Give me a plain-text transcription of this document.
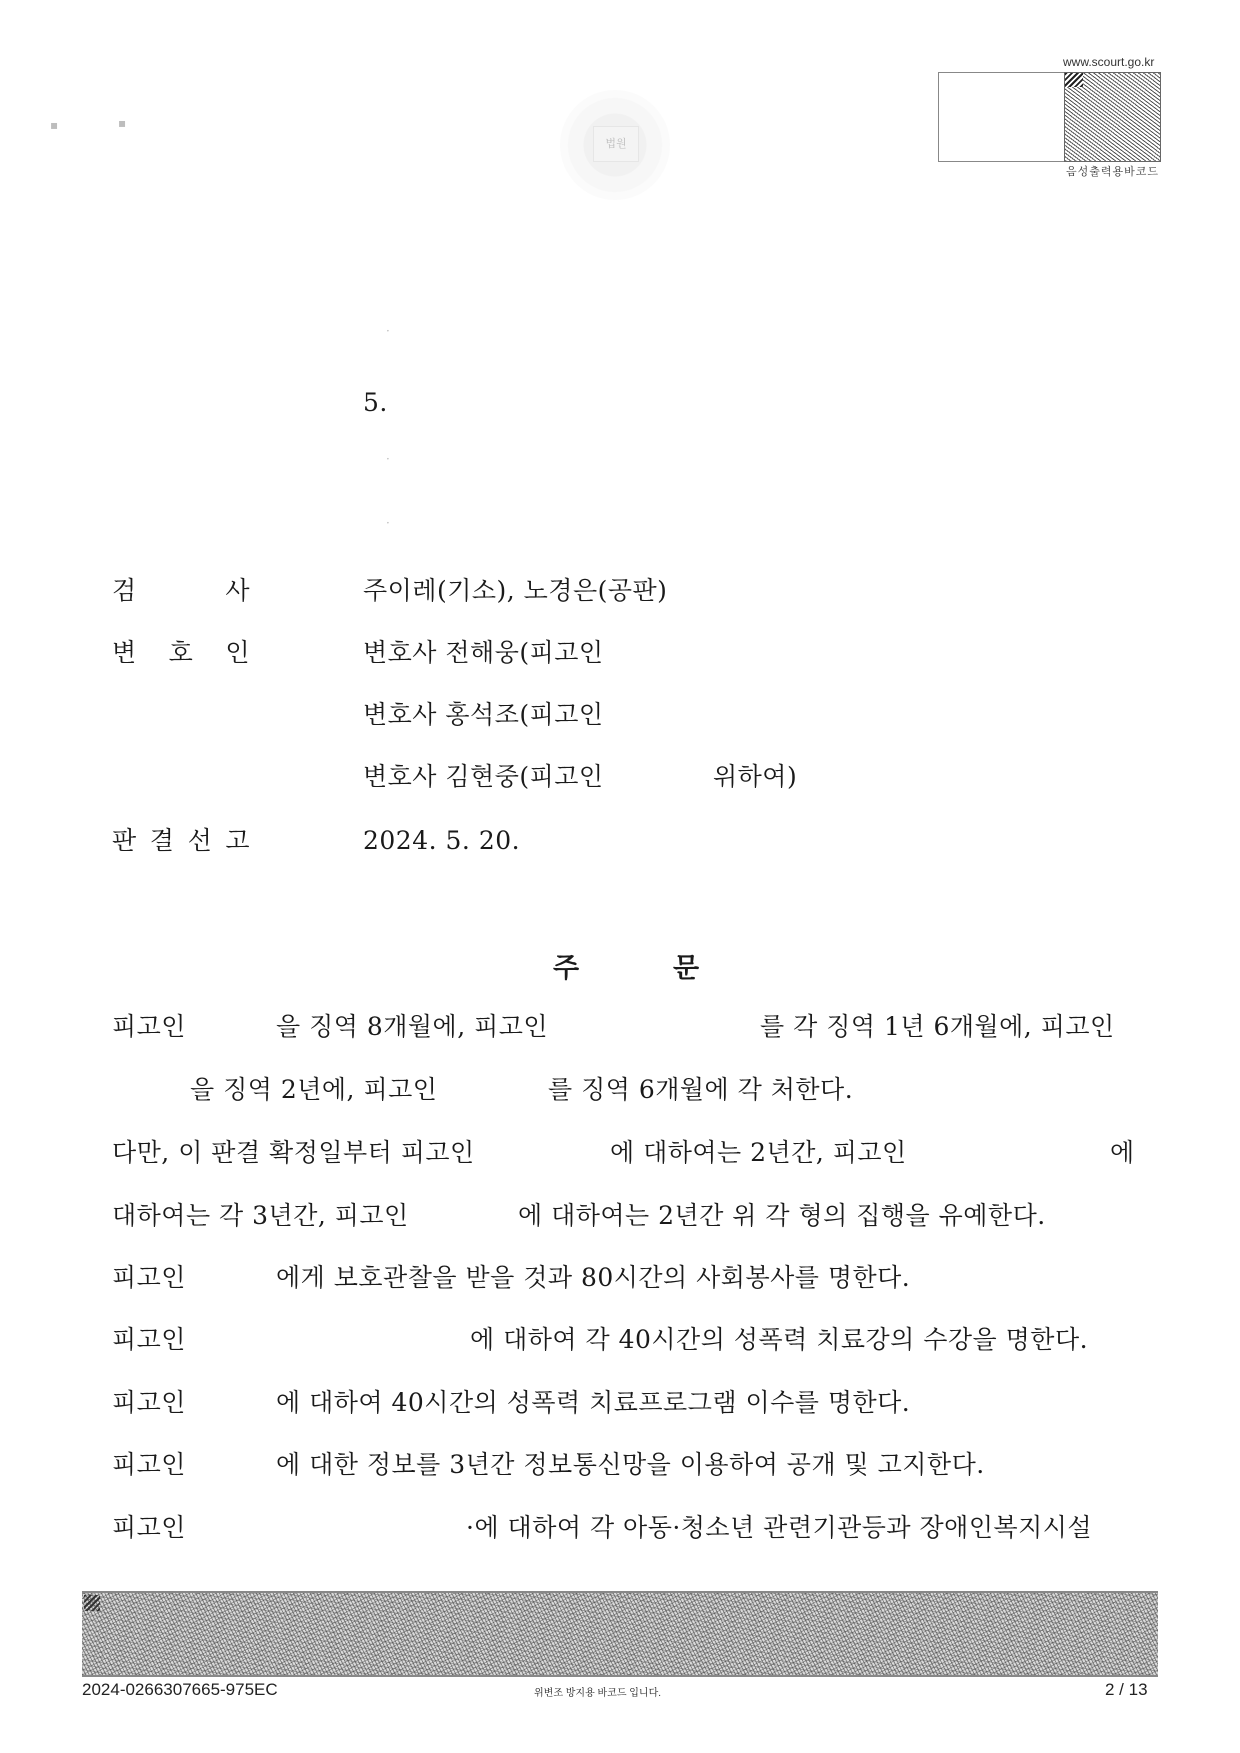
www.scourt.go.kr
음성출력용바코드
법원
▪	▪
·
5.
·
·
검	사	주이레(기소), 노경은(공판)
변 호 인	변호사 전해웅(피고인
변호사 홍석조(피고인
변호사 김현중(피고인	위하여)
판 결 선 고	2024. 5. 20.
주	문
피고인	을 징역 8개월에, 피고인	를 각 징역 1년 6개월에, 피고인
을 징역 2년에, 피고인	를 징역 6개월에 각 처한다.
다만, 이 판결 확정일부터 피고인	에 대하여는 2년간, 피고인	에
대하여는 각 3년간, 피고인	에 대하여는 2년간 위 각 형의 집행을 유예한다.
피고인	에게 보호관찰을 받을 것과 80시간의 사회봉사를 명한다.
피고인	에 대하여 각 40시간의 성폭력 치료강의 수강을 명한다.
피고인	에 대하여 40시간의 성폭력 치료프로그램 이수를 명한다.
피고인	에 대한 정보를 3년간 정보통신망을 이용하여 공개 및 고지한다.
피고인	·에 대하여 각 아동·청소년 관련기관등과 장애인복지시설
2024-0266307665-975EC	위변조 방지용 바코드 입니다.	2 / 13
